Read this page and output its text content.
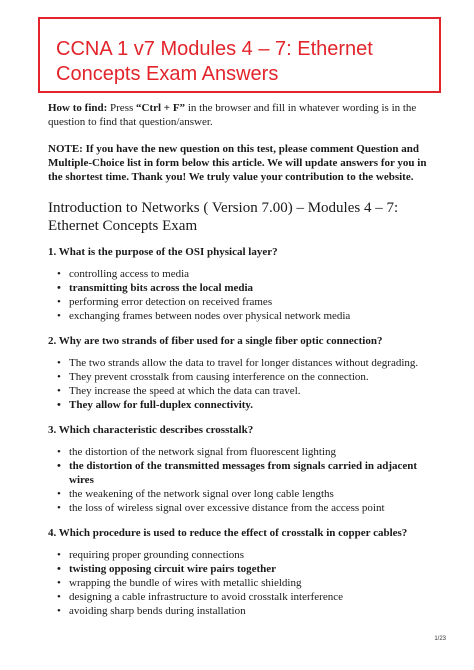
CCNA 1 v7 Modules 4 – 7: Ethernet Concepts Exam Answers

How to find: Press “Ctrl + F” in the browser and fill in whatever wording is in the question to find that question/answer.

NOTE: If you have the new question on this test, please comment Question and Multiple-Choice list in form below this article. We will update answers for you in the shortest time. Thank you! We truly value your contribution to the website.

Introduction to Networks ( Version 7.00) – Modules 4 – 7: Ethernet Concepts Exam

1. What is the purpose of the OSI physical layer?

• controlling access to media
• transmitting bits across the local media
• performing error detection on received frames
• exchanging frames between nodes over physical network media

2. Why are two strands of fiber used for a single fiber optic connection?

• The two strands allow the data to travel for longer distances without degrading.
• They prevent crosstalk from causing interference on the connection.
• They increase the speed at which the data can travel.
• They allow for full-duplex connectivity.

3. Which characteristic describes crosstalk?

• the distortion of the network signal from fluorescent lighting
• the distortion of the transmitted messages from signals carried in adjacent wires
• the weakening of the network signal over long cable lengths
• the loss of wireless signal over excessive distance from the access point

4. Which procedure is used to reduce the effect of crosstalk in copper cables?

• requiring proper grounding connections
• twisting opposing circuit wire pairs together
• wrapping the bundle of wires with metallic shielding
• designing a cable infrastructure to avoid crosstalk interference
• avoiding sharp bends during installation
1/23
